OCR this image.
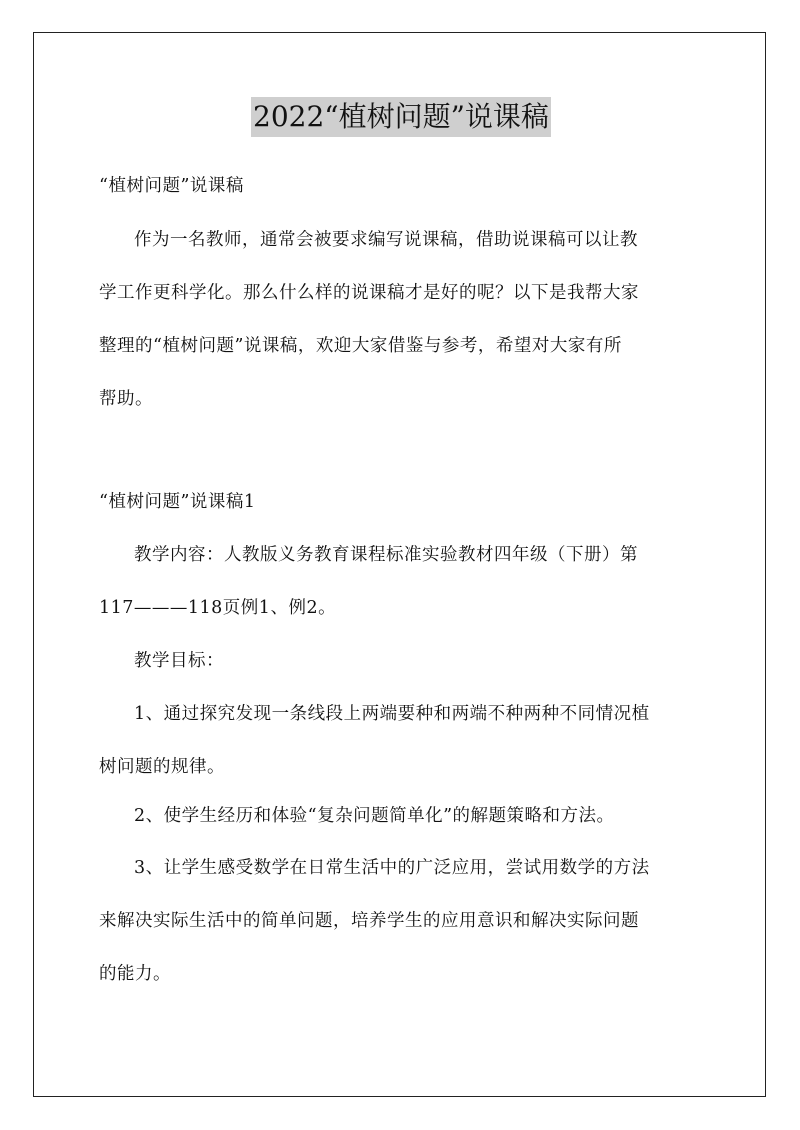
2022“植树问题”说课稿
“植树问题”说课稿
作为一名教师，通常会被要求编写说课稿，借助说课稿可以让教
学工作更科学化。那么什么样的说课稿才是好的呢？以下是我帮大家
整理的“植树问题”说课稿，欢迎大家借鉴与参考，希望对大家有所
帮助。
“植树问题”说课稿1
教学内容：人教版义务教育课程标准实验教材四年级（下册）第
117———118页例1、例2。
教学目标：
1、通过探究发现一条线段上两端要种和两端不种两种不同情况植
树问题的规律。
2、使学生经历和体验“复杂问题简单化”的解题策略和方法。
3、让学生感受数学在日常生活中的广泛应用，尝试用数学的方法
来解决实际生活中的简单问题，培养学生的应用意识和解决实际问题
的能力。
